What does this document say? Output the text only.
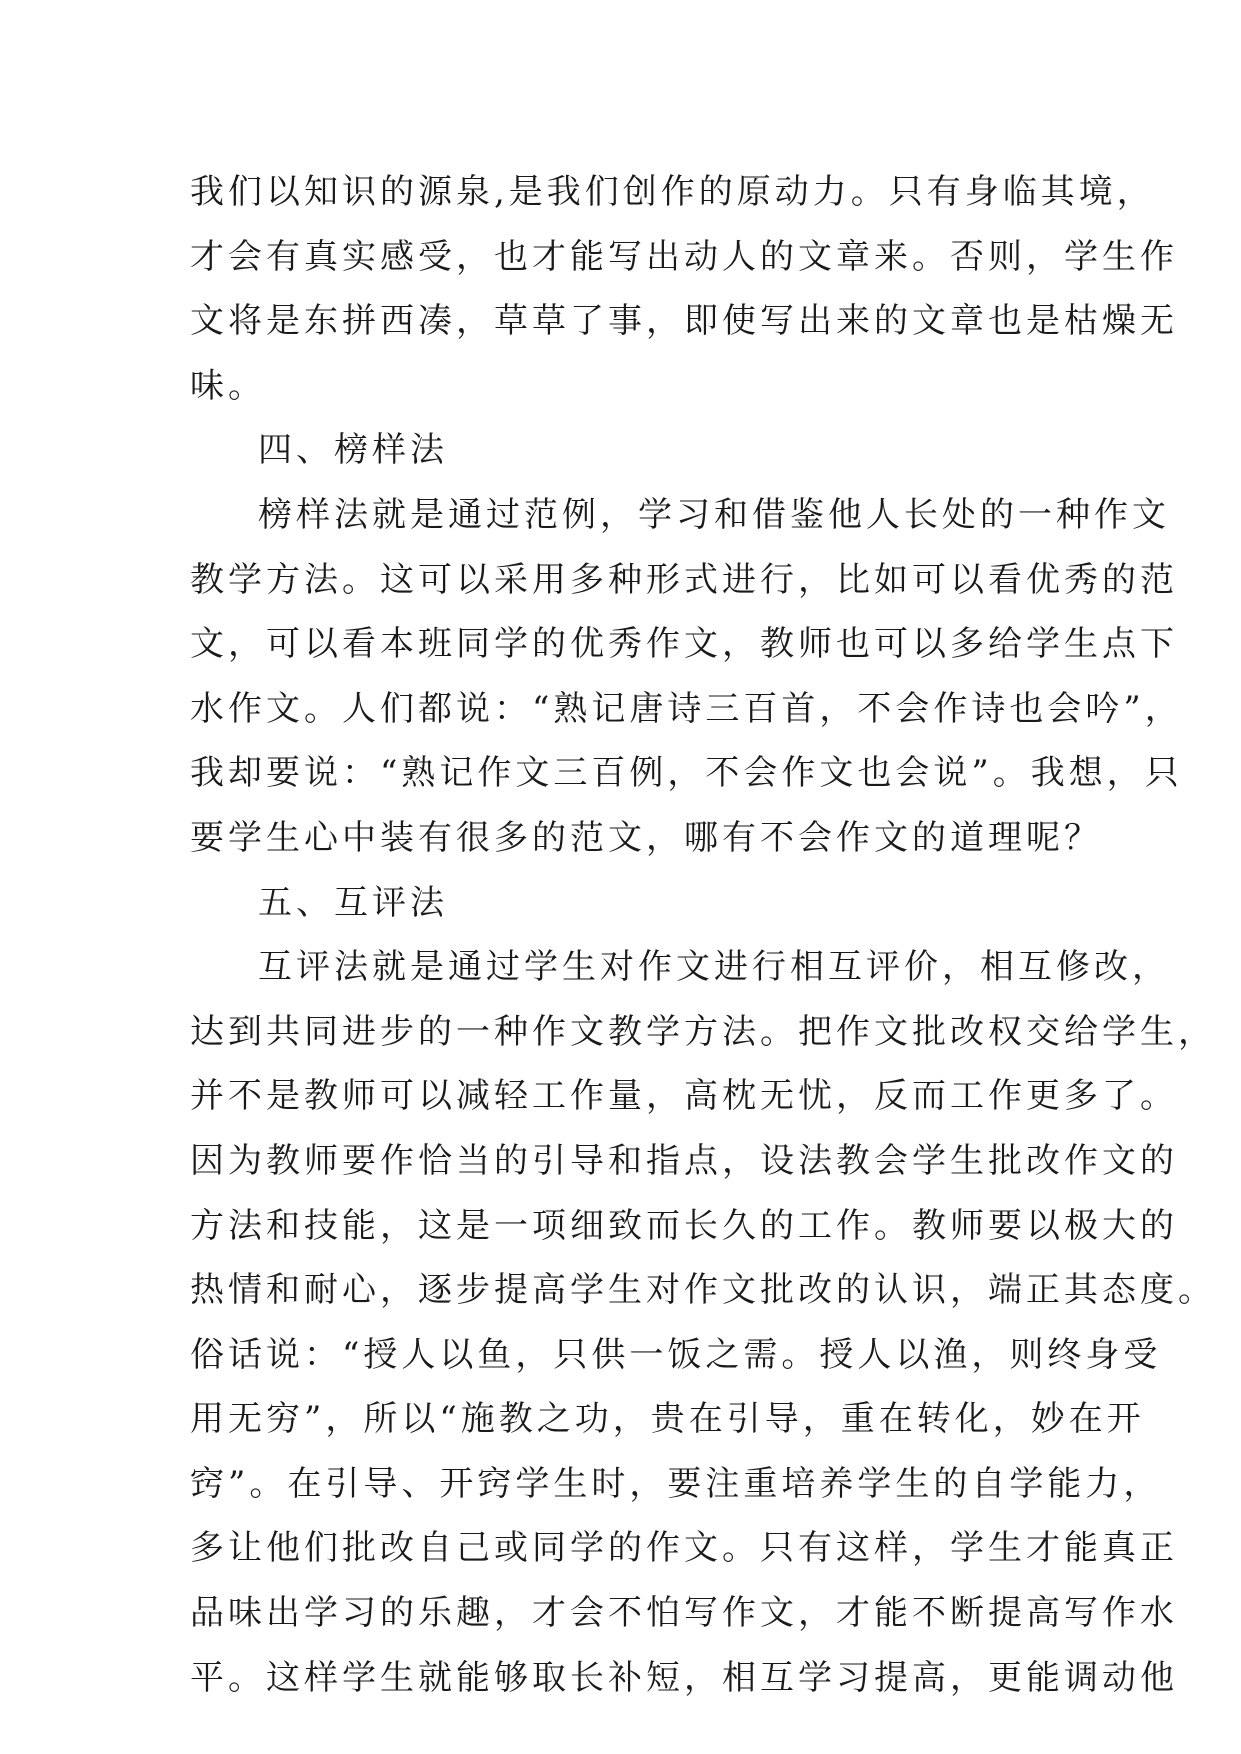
我们以知识的源泉,是我们创作的原动力。只有身临其境，
才会有真实感受，也才能写出动人的文章来。否则，学生作
文将是东拼西凑，草草了事，即使写出来的文章也是枯燥无
味。
四、榜样法
榜样法就是通过范例，学习和借鉴他人长处的一种作文
教学方法。这可以采用多种形式进行，比如可以看优秀的范
文，可以看本班同学的优秀作文，教师也可以多给学生点下
水作文。人们都说：“熟记唐诗三百首，不会作诗也会吟”，
我却要说：“熟记作文三百例，不会作文也会说”。我想，只
要学生心中装有很多的范文，哪有不会作文的道理呢？
五、互评法
互评法就是通过学生对作文进行相互评价，相互修改，
达到共同进步的一种作文教学方法。把作文批改权交给学生，
并不是教师可以减轻工作量，高枕无忧，反而工作更多了。
因为教师要作恰当的引导和指点，设法教会学生批改作文的
方法和技能，这是一项细致而长久的工作。教师要以极大的
热情和耐心，逐步提高学生对作文批改的认识，端正其态度。
俗话说：“授人以鱼，只供一饭之需。授人以渔，则终身受
用无穷”，所以“施教之功，贵在引导，重在转化，妙在开
窍”。在引导、开窍学生时，要注重培养学生的自学能力，
多让他们批改自己或同学的作文。只有这样，学生才能真正
品味出学习的乐趣，才会不怕写作文，才能不断提高写作水
平。这样学生就能够取长补短，相互学习提高，更能调动他
